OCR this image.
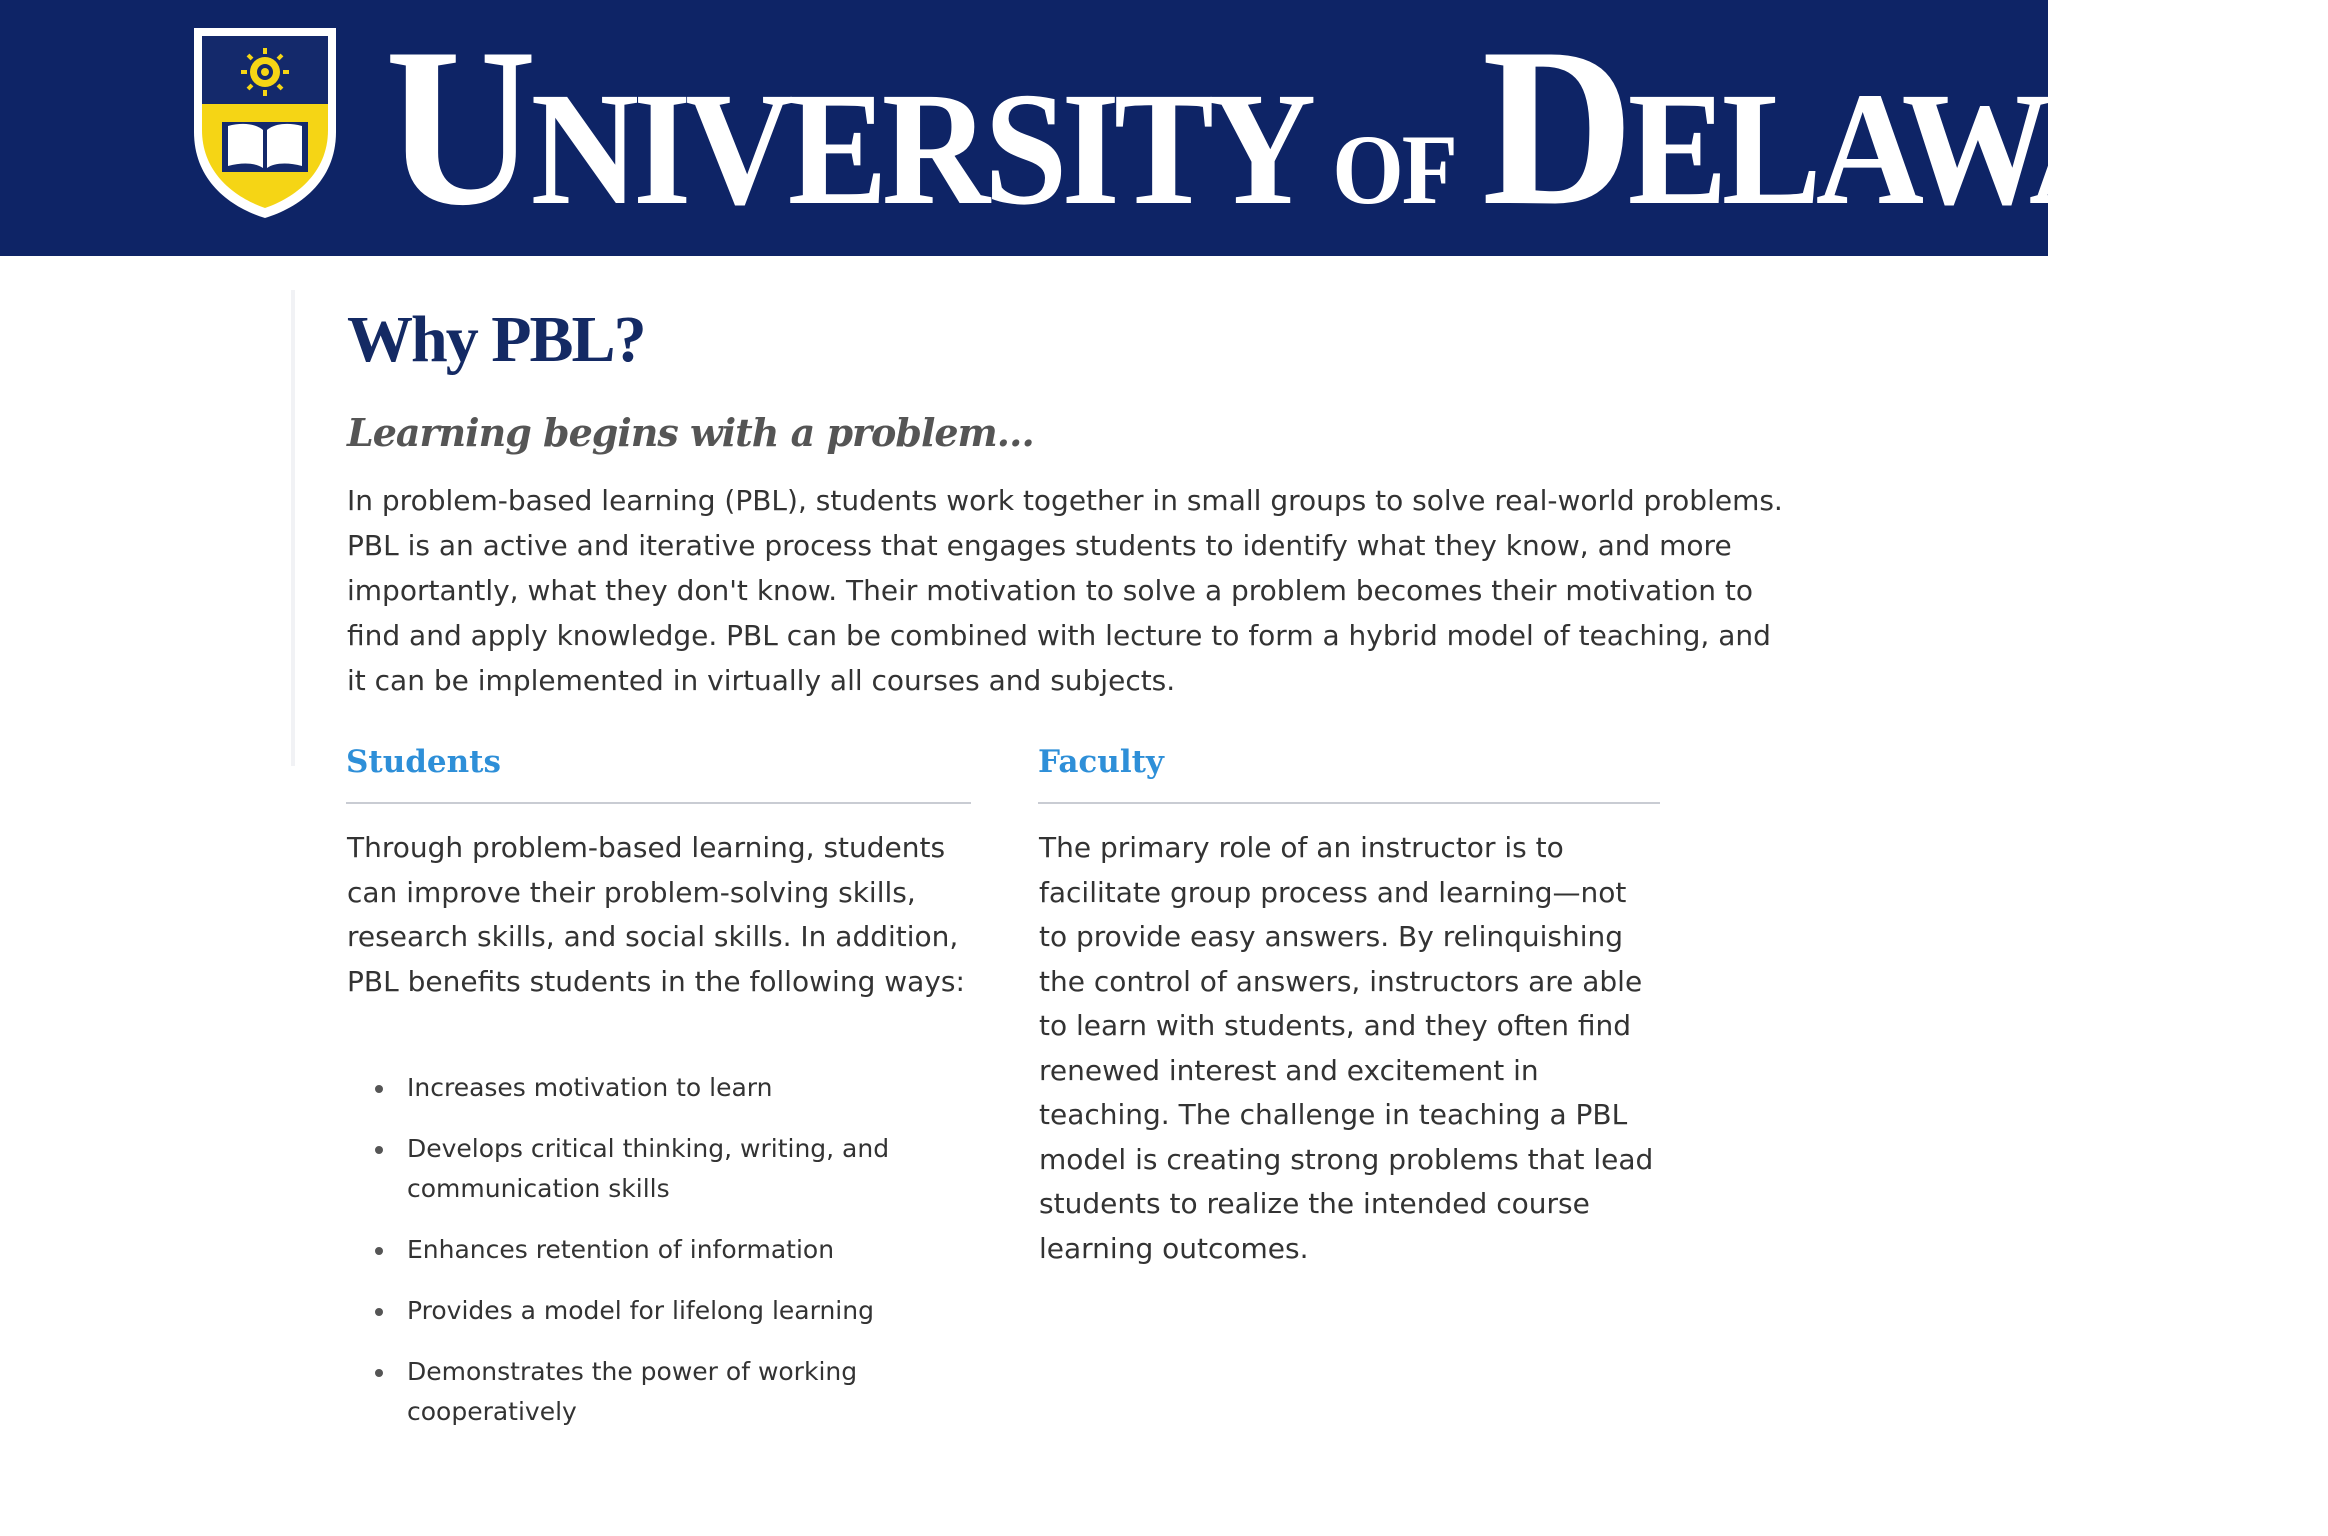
U NIVERSITY OF D ELAWARE
Why PBL?
Learning begins with a problem…

In problem-based learning (PBL), students work together in small groups to solve real-world problems. PBL is an active and iterative process that engages students to identify what they know, and more importantly, what they don't know. Their motivation to solve a problem becomes their motivation to find and apply knowledge. PBL can be combined with lecture to form a hybrid model of teaching, and it can be implemented in virtually all courses and subjects.

Students

Through problem-based learning, students can improve their problem-solving skills, research skills, and social skills. In addition, PBL benefits students in the following ways:

Increases motivation to learn
Develops critical thinking, writing, and communication skills
Enhances retention of information
Provides a model for lifelong learning
Demonstrates the power of working cooperatively
Faculty

The primary role of an instructor is to facilitate group process and learning—not to provide easy answers. By relinquishing the control of answers, instructors are able to learn with students, and they often find renewed interest and excitement in teaching. The challenge in teaching a PBL model is creating strong problems that lead students to realize the intended course learning outcomes.
